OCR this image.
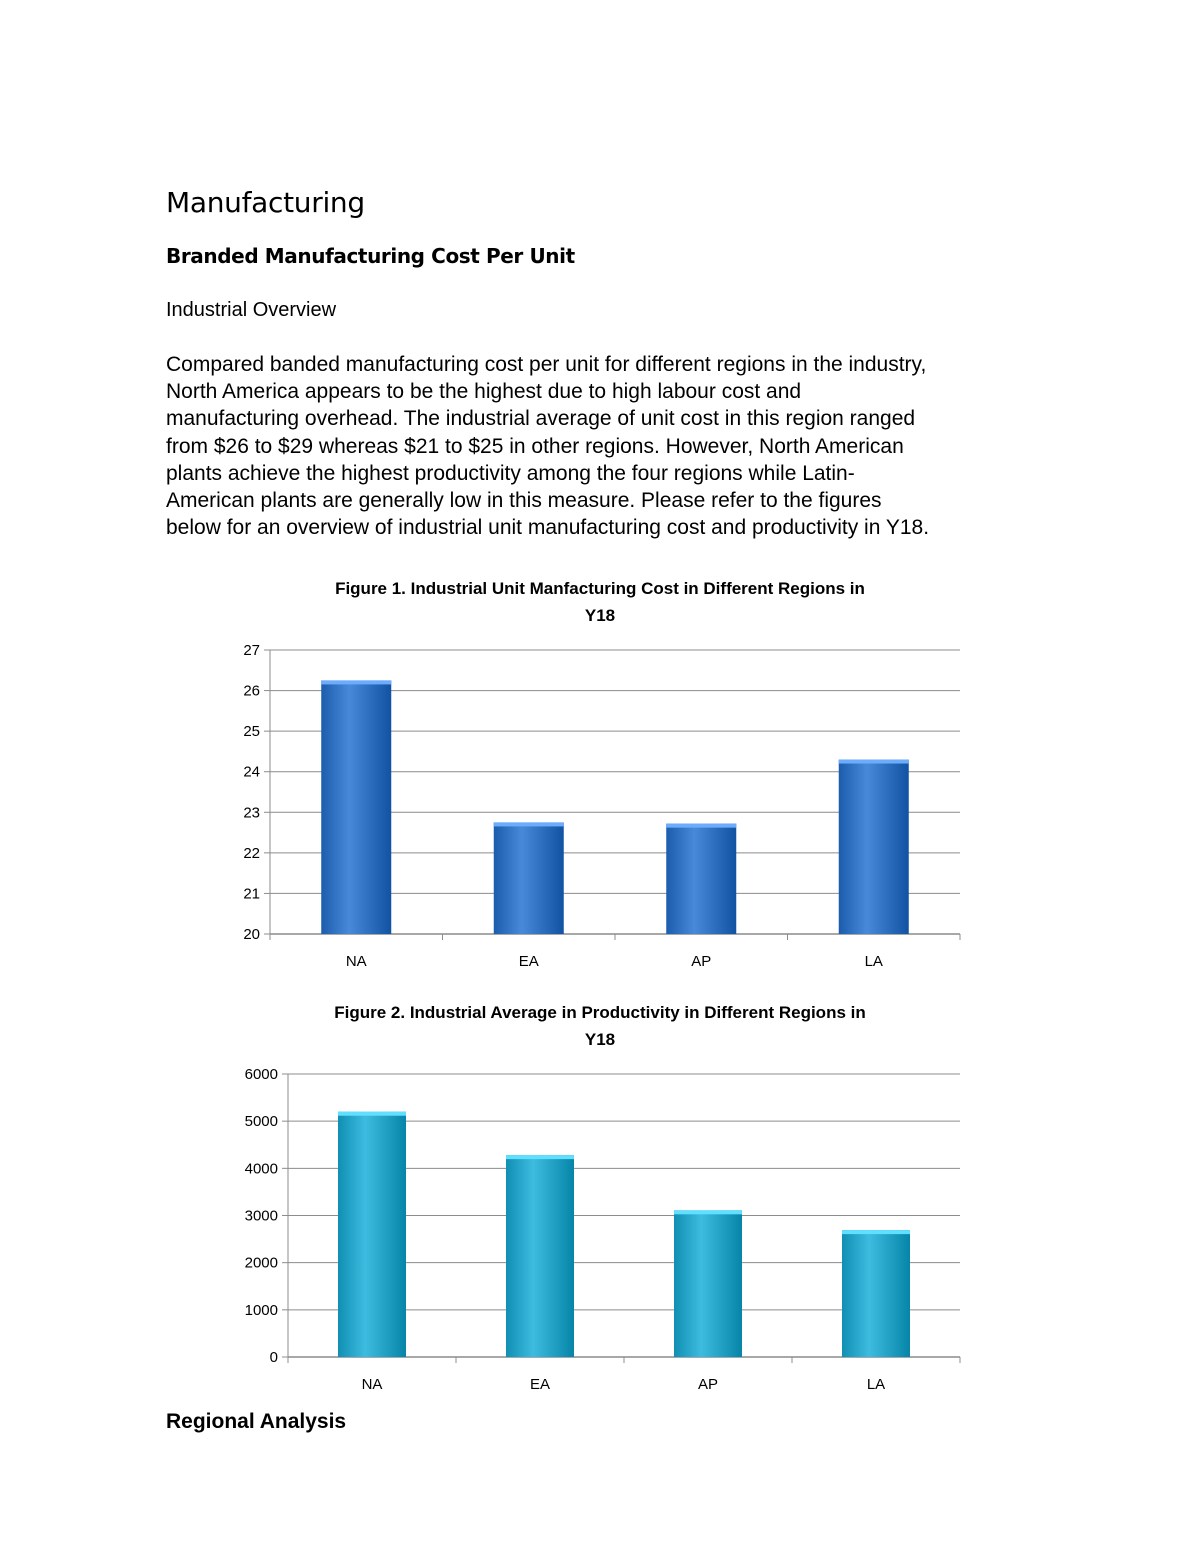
Manufacturing
Branded Manufacturing Cost Per Unit
Industrial Overview

Compared banded manufacturing cost per unit for different regions in the industry,
North America appears to be the highest due to high labour cost and
manufacturing overhead. The industrial average of unit cost in this region ranged
from $26 to $29 whereas $21 to $25 in other regions. However, North American
plants achieve the highest productivity among the four regions while Latin-
American plants are generally low in this measure. Please refer to the figures
below for an overview of industrial unit manufacturing cost and productivity in Y18.

Figure 1. Industrial Unit Manfacturing Cost in Different Regions in
Y18
20
21
22
23
24
25
26
27
NA	EA	AP	LA
Figure 2. Industrial Average in Productivity in Different Regions in
Y18
0
1000
2000
3000
4000
5000
6000
NA	EA	AP	LA
Regional Analysis
